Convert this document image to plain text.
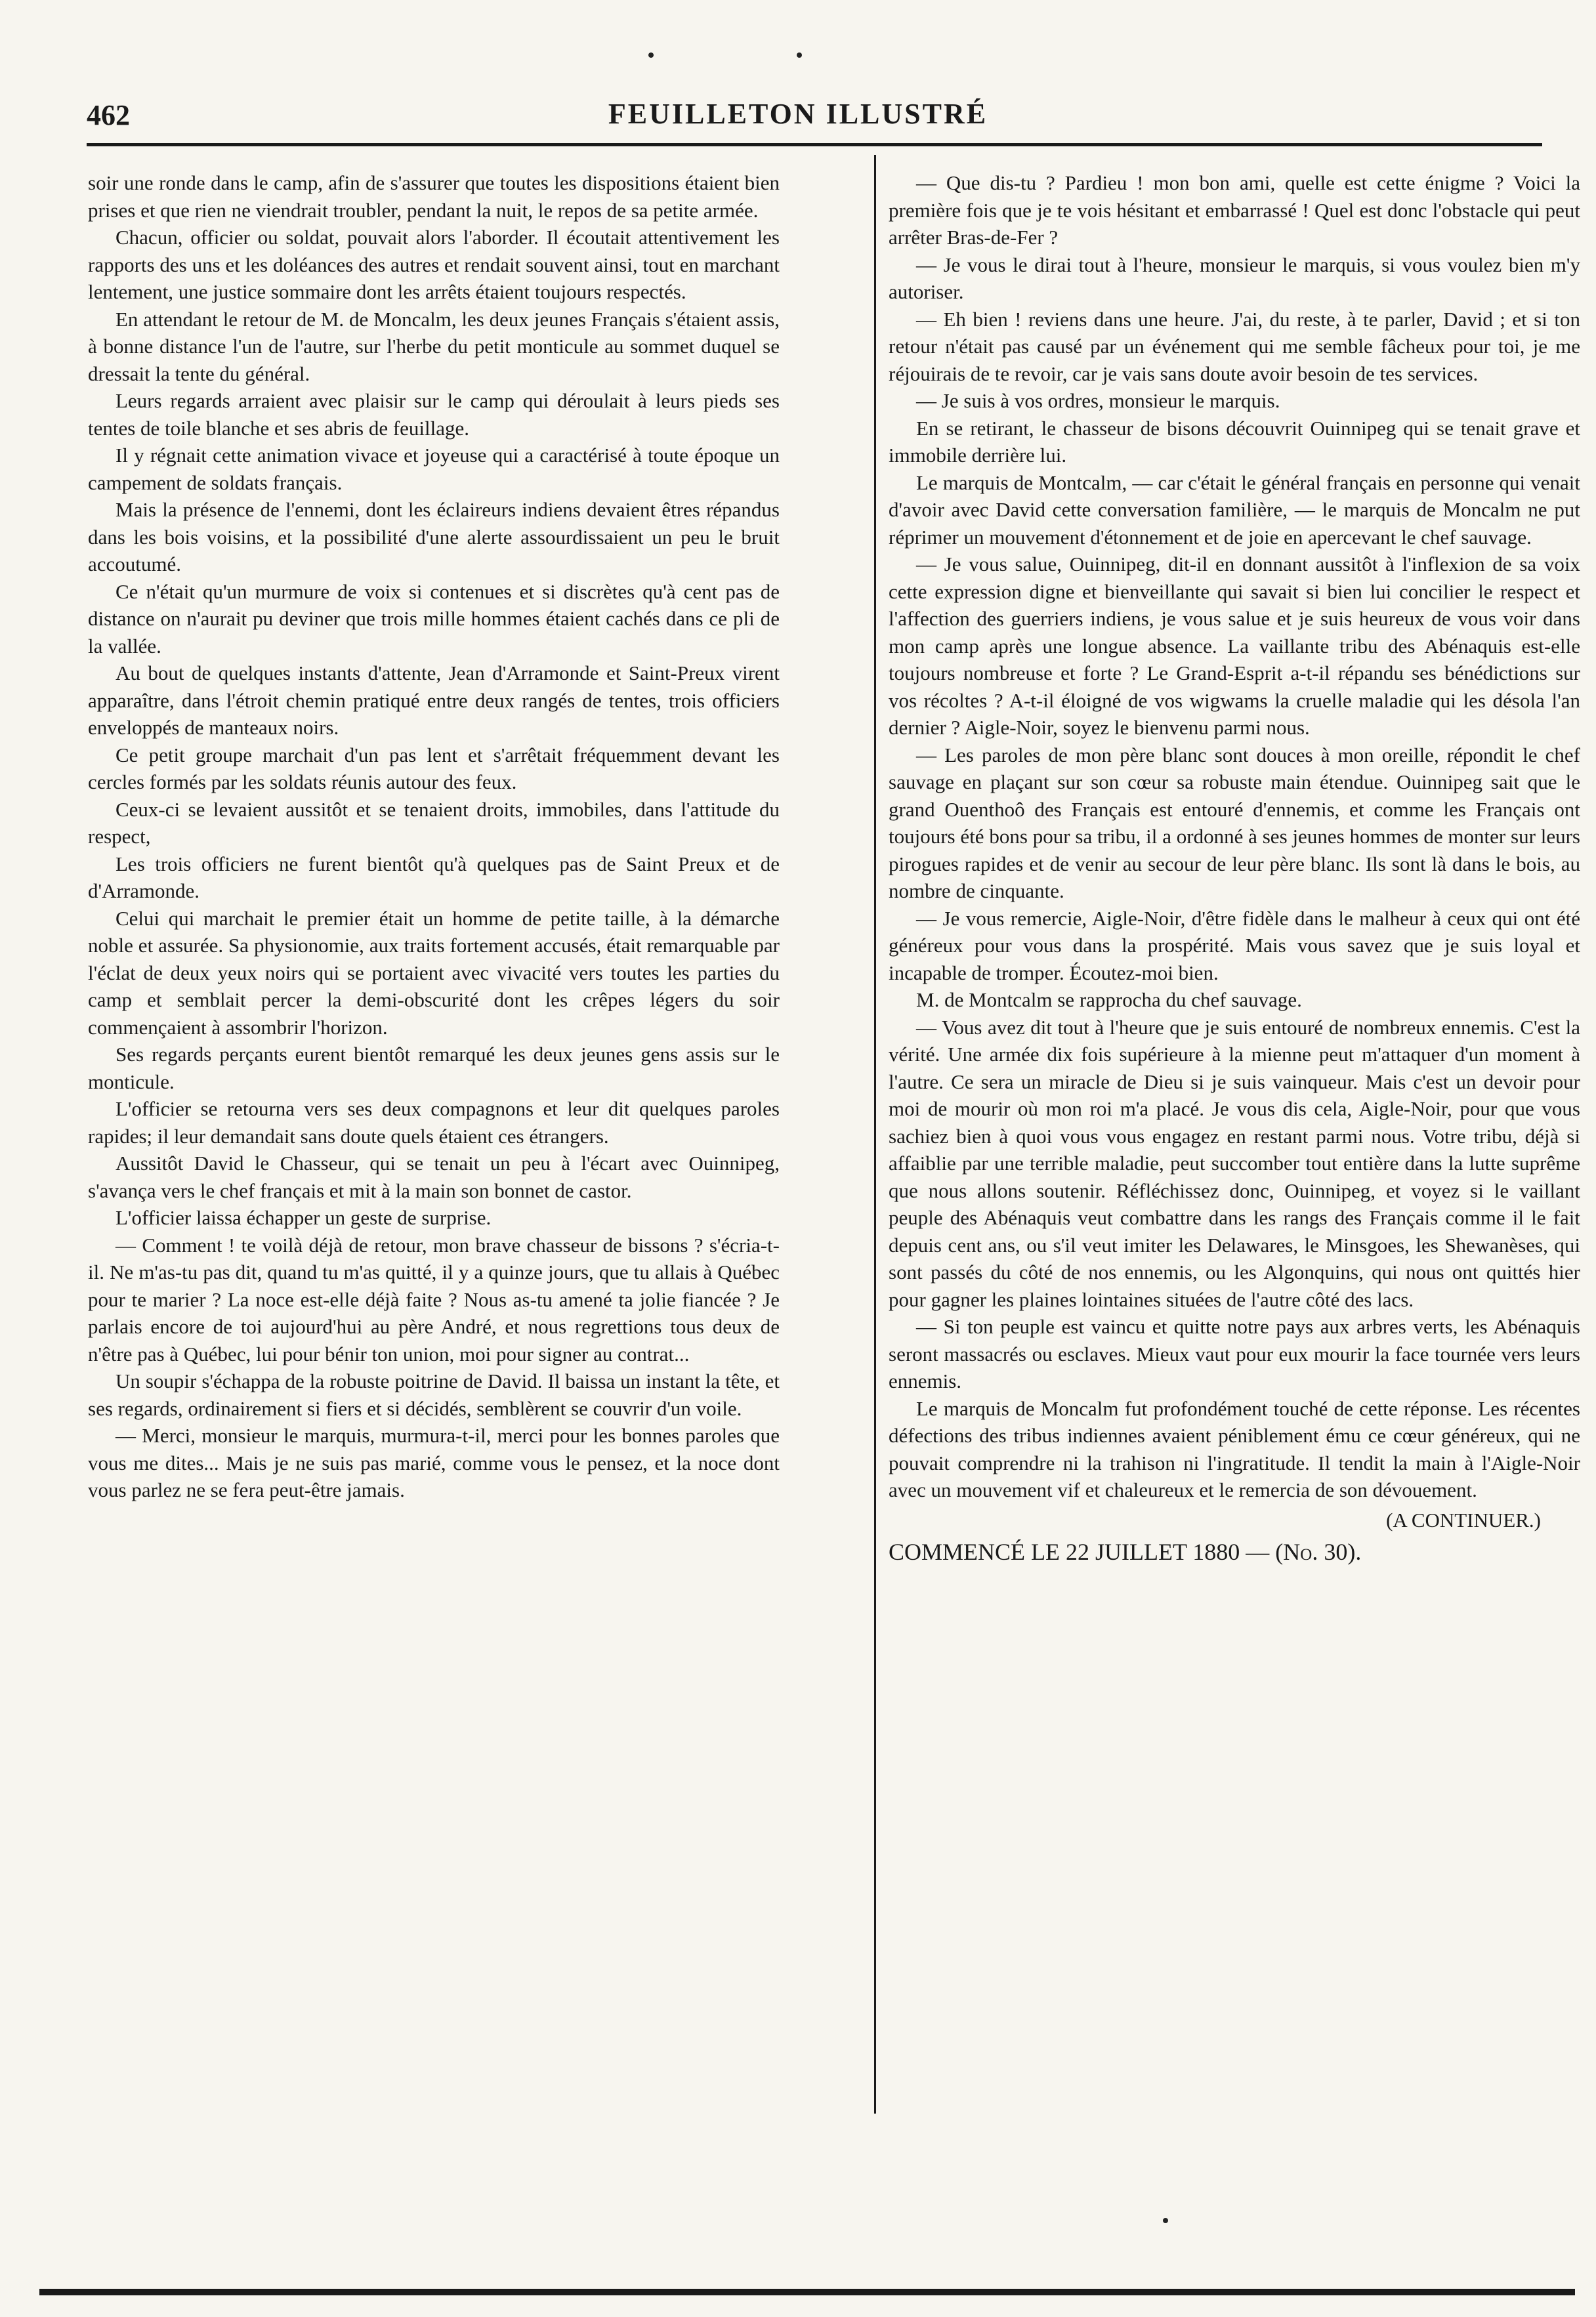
462	FEUILLETON ILLUSTRÉ

soir une ronde dans le camp, afin de s'assurer que toutes les dispositions étaient bien prises et que rien ne viendrait troubler, pendant la nuit, le repos de sa petite armée.

Chacun, officier ou soldat, pouvait alors l'aborder. Il écoutait attentivement les rapports des uns et les doléances des autres et rendait souvent ainsi, tout en marchant lentement, une justice sommaire dont les arrêts étaient toujours respectés.

En attendant le retour de M. de Moncalm, les deux jeunes Français s'étaient assis, à bonne distance l'un de l'autre, sur l'herbe du petit monticule au sommet duquel se dressait la tente du général.

Leurs regards arraient avec plaisir sur le camp qui déroulait à leurs pieds ses tentes de toile blanche et ses abris de feuillage.

Il y régnait cette animation vivace et joyeuse qui a caractérisé à toute époque un campement de soldats français.

Mais la présence de l'ennemi, dont les éclaireurs indiens devaient êtres répandus dans les bois voisins, et la possibilité d'une alerte assourdissaient un peu le bruit accoutumé.

Ce n'était qu'un murmure de voix si contenues et si discrètes qu'à cent pas de distance on n'aurait pu deviner que trois mille hommes étaient cachés dans ce pli de la vallée.

Au bout de quelques instants d'attente, Jean d'Arramonde et Saint-Preux virent apparaître, dans l'étroit chemin pratiqué entre deux rangés de tentes, trois officiers enveloppés de manteaux noirs.

Ce petit groupe marchait d'un pas lent et s'arrêtait fréquemment devant les cercles formés par les soldats réunis autour des feux.

Ceux-ci se levaient aussitôt et se tenaient droits, immobiles, dans l'attitude du respect,

Les trois officiers ne furent bientôt qu'à quelques pas de Saint Preux et de d'Arramonde.

Celui qui marchait le premier était un homme de petite taille, à la démarche noble et assurée. Sa physionomie, aux traits fortement accusés, était remarquable par l'éclat de deux yeux noirs qui se portaient avec vivacité vers toutes les parties du camp et semblait percer la demi-obscurité dont les crêpes légers du soir commençaient à assombrir l'horizon.

Ses regards perçants eurent bientôt remarqué les deux jeunes gens assis sur le monticule.

L'officier se retourna vers ses deux compagnons et leur dit quelques paroles rapides; il leur demandait sans doute quels étaient ces étrangers.

Aussitôt David le Chasseur, qui se tenait un peu à l'écart avec Ouinnipeg, s'avança vers le chef français et mit à la main son bonnet de castor.

L'officier laissa échapper un geste de surprise.

— Comment ! te voilà déjà de retour, mon brave chasseur de bissons ? s'écria-t-il. Ne m'as-tu pas dit, quand tu m'as quitté, il y a quinze jours, que tu allais à Québec pour te marier ? La noce est-elle déjà faite ? Nous as-tu amené ta jolie fiancée ? Je parlais encore de toi aujourd'hui au père André, et nous regrettions tous deux de n'être pas à Québec, lui pour bénir ton union, moi pour signer au contrat...

Un soupir s'échappa de la robuste poitrine de David. Il baissa un instant la tête, et ses regards, ordinairement si fiers et si décidés, semblèrent se couvrir d'un voile.

— Merci, monsieur le marquis, murmura-t-il, merci pour les bonnes paroles que vous me dites... Mais je ne suis pas marié, comme vous le pensez, et la noce dont vous parlez ne se fera peut-être jamais.

— Que dis-tu ? Pardieu ! mon bon ami, quelle est cette énigme ? Voici la première fois que je te vois hésitant et embarrassé ! Quel est donc l'obstacle qui peut arrêter Bras-de-Fer ?

— Je vous le dirai tout à l'heure, monsieur le marquis, si vous voulez bien m'y autoriser.

— Eh bien ! reviens dans une heure. J'ai, du reste, à te parler, David ; et si ton retour n'était pas causé par un événement qui me semble fâcheux pour toi, je me réjouirais de te revoir, car je vais sans doute avoir besoin de tes services.

— Je suis à vos ordres, monsieur le marquis.

En se retirant, le chasseur de bisons découvrit Ouinnipeg qui se tenait grave et immobile derrière lui.

Le marquis de Montcalm, — car c'était le général français en personne qui venait d'avoir avec David cette conversation familière, — le marquis de Moncalm ne put réprimer un mouvement d'étonnement et de joie en apercevant le chef sauvage.

— Je vous salue, Ouinnipeg, dit-il en donnant aussitôt à l'inflexion de sa voix cette expression digne et bienveillante qui savait si bien lui concilier le respect et l'affection des guerriers indiens, je vous salue et je suis heureux de vous voir dans mon camp après une longue absence. La vaillante tribu des Abénaquis est-elle toujours nombreuse et forte ? Le Grand-Esprit a-t-il répandu ses bénédictions sur vos récoltes ? A-t-il éloigné de vos wigwams la cruelle maladie qui les désola l'an dernier ? Aigle-Noir, soyez le bienvenu parmi nous.

— Les paroles de mon père blanc sont douces à mon oreille, répondit le chef sauvage en plaçant sur son cœur sa robuste main étendue. Ouinnipeg sait que le grand Ouenthoô des Français est entouré d'ennemis, et comme les Français ont toujours été bons pour sa tribu, il a ordonné à ses jeunes hommes de monter sur leurs pirogues rapides et de venir au secour de leur père blanc. Ils sont là dans le bois, au nombre de cinquante.

— Je vous remercie, Aigle-Noir, d'être fidèle dans le malheur à ceux qui ont été généreux pour vous dans la prospérité. Mais vous savez que je suis loyal et incapable de tromper. Écoutez-moi bien.

M. de Montcalm se rapprocha du chef sauvage.

— Vous avez dit tout à l'heure que je suis entouré de nombreux ennemis. C'est la vérité. Une armée dix fois supérieure à la mienne peut m'attaquer d'un moment à l'autre. Ce sera un miracle de Dieu si je suis vainqueur. Mais c'est un devoir pour moi de mourir où mon roi m'a placé. Je vous dis cela, Aigle-Noir, pour que vous sachiez bien à quoi vous vous engagez en restant parmi nous. Votre tribu, déjà si affaiblie par une terrible maladie, peut succomber tout entière dans la lutte suprême que nous allons soutenir. Réfléchissez donc, Ouinnipeg, et voyez si le vaillant peuple des Abénaquis veut combattre dans les rangs des Français comme il le fait depuis cent ans, ou s'il veut imiter les Delawares, le Minsgoes, les Shewanèses, qui sont passés du côté de nos ennemis, ou les Algonquins, qui nous ont quittés hier pour gagner les plaines lointaines situées de l'autre côté des lacs.

— Si ton peuple est vaincu et quitte notre pays aux arbres verts, les Abénaquis seront massacrés ou esclaves. Mieux vaut pour eux mourir la face tournée vers leurs ennemis.

Le marquis de Moncalm fut profondément touché de cette réponse. Les récentes défections des tribus indiennes avaient péniblement ému ce cœur généreux, qui ne pouvait comprendre ni la trahison ni l'ingratitude. Il tendit la main à l'Aigle-Noir avec un mouvement vif et chaleureux et le remercia de son dévouement.

(A CONTINUER.)

COMMENCÉ LE 22 JUILLET 1880 — (No. 30).
